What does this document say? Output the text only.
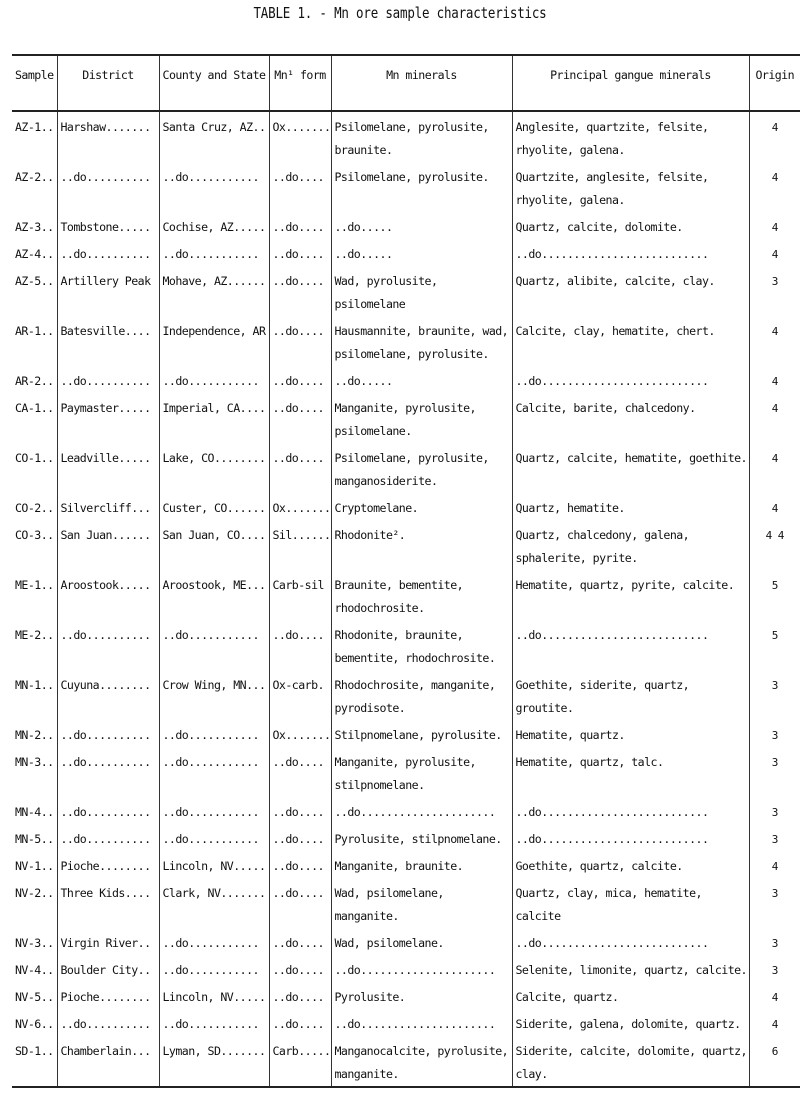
TABLE 1. - Mn ore sample characteristics
Sample	District	County and State	Mn¹ form	Mn minerals	Principal gangue minerals	Origin
AZ-1..	Harshaw.......	Santa Cruz, AZ..	Ox.......	Psilomelane, pyrolusite, braunite.	Anglesite, quartzite, felsite, rhyolite, galena.	4
AZ-2..	..do..........	..do...........	..do....	Psilomelane, pyrolusite.	Quartzite, anglesite, felsite, rhyolite, galena.	4
AZ-3..	Tombstone.....	Cochise, AZ.....	..do....	..do.....	Quartz, calcite, dolomite.	4
AZ-4..	..do..........	..do...........	..do....	..do.....	..do..........................	4
AZ-5..	Artillery Peak	Mohave, AZ......	..do....	Wad, pyrolusite, psilomelane	Quartz, alibite, calcite, clay.	3
AR-1..	Batesville....	Independence, AR	..do....	Hausmannite, braunite, wad, psilomelane, pyrolusite.	Calcite, clay, hematite, chert.	4
AR-2..	..do..........	..do...........	..do....	..do.....	..do..........................	4
CA-1..	Paymaster.....	Imperial, CA....	..do....	Manganite, pyrolusite, psilomelane.	Calcite, barite, chalcedony.	4
CO-1..	Leadville.....	Lake, CO........	..do....	Psilomelane, pyrolusite, manganosiderite.	Quartz, calcite, hematite, goethite.	4
CO-2..	Silvercliff...	Custer, CO......	Ox.......	Cryptomelane.	Quartz, hematite.	4
CO-3..	San Juan......	San Juan, CO....	Sil......	Rhodonite².	Quartz, chalcedony, galena, sphalerite, pyrite.	4 4
ME-1..	Aroostook.....	Aroostook, ME...	Carb-sil	Braunite, bementite, rhodochrosite.	Hematite, quartz, pyrite, calcite.	5
ME-2..	..do..........	..do...........	..do....	Rhodonite, braunite, bementite, rhodochrosite.	..do..........................	5
MN-1..	Cuyuna........	Crow Wing, MN...	Ox-carb.	Rhodochrosite, manganite, pyrodisote.	Goethite, siderite, quartz, groutite.	3
MN-2..	..do..........	..do...........	Ox.......	Stilpnomelane, pyrolusite.	Hematite, quartz.	3
MN-3..	..do..........	..do...........	..do....	Manganite, pyrolusite, stilpnomelane.	Hematite, quartz, talc.	3
MN-4..	..do..........	..do...........	..do....	..do.....................	..do..........................	3
MN-5..	..do..........	..do...........	..do....	Pyrolusite, stilpnomelane.	..do..........................	3
NV-1..	Pioche........	Lincoln, NV.....	..do....	Manganite, braunite.	Goethite, quartz, calcite.	4
NV-2..	Three Kids....	Clark, NV.......	..do....	Wad, psilomelane, manganite.	Quartz, clay, mica, hematite, calcite	3
NV-3..	Virgin River..	..do...........	..do....	Wad, psilomelane.	..do..........................	3
NV-4..	Boulder City..	..do...........	..do....	..do.....................	Selenite, limonite, quartz, calcite.	3
NV-5..	Pioche........	Lincoln, NV.....	..do....	Pyrolusite.	Calcite, quartz.	4
NV-6..	..do..........	..do...........	..do....	..do.....................	Siderite, galena, dolomite, quartz.	4
SD-1..	Chamberlain...	Lyman, SD.......	Carb.....	Manganocalcite, pyrolusite, manganite.	Siderite, calcite, dolomite, quartz, clay.	6
